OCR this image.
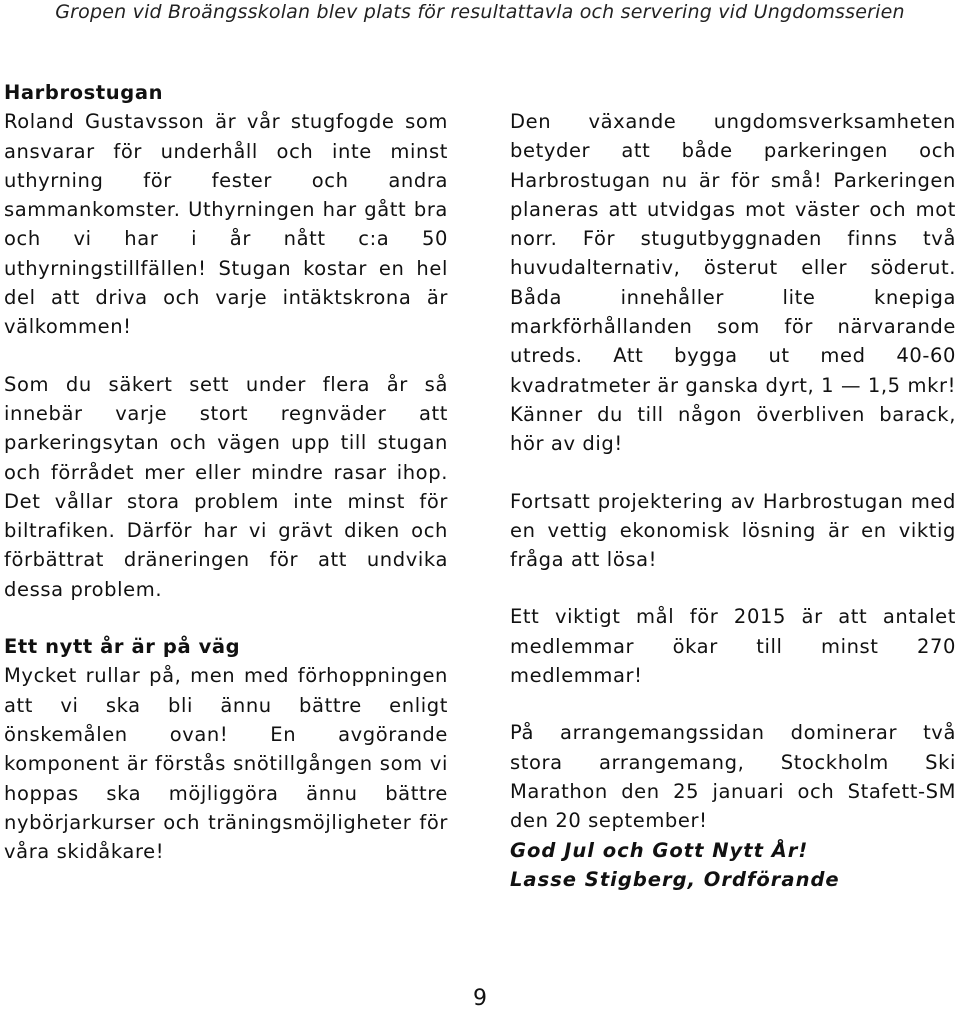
Gropen vid Broängsskolan blev plats för resultattavla och servering vid Ungdomsserien
Harbrostugan

Roland Gustavsson är vår stugfogde som ansvarar för underhåll och inte minst uthyrning för fester och andra sammankomster. Uthyrningen har gått bra och vi har i år nått c:a 50 uthyrningstillfällen! Stugan kostar en hel del att driva och varje intäktskrona är välkommen!

Som du säkert sett under flera år så innebär varje stort regnväder att parkeringsytan och vägen upp till stugan och förrådet mer eller mindre rasar ihop. Det vållar stora problem inte minst för biltrafiken. Därför har vi grävt diken och förbättrat dräneringen för att undvika dessa problem.

Ett nytt år är på väg

Mycket rullar på, men med förhoppningen att vi ska bli ännu bättre enligt önskemålen ovan! En avgörande komponent är förstås snötillgången som vi hoppas ska möjliggöra ännu bättre nybörjarkurser och träningsmöjligheter för våra skidåkare!

Den växande ungdomsverksamheten betyder att både parkeringen och Harbrostugan nu är för små! Parkeringen planeras att utvidgas mot väster och mot norr. För stugutbyggnaden finns två huvudalternativ, österut eller söderut. Båda innehåller lite knepiga markförhållanden som för närvarande utreds. Att bygga ut med 40-60 kvadratmeter är ganska dyrt, 1 — 1,5 mkr! Känner du till någon överbliven barack, hör av dig!

Fortsatt projektering av Harbrostugan med en vettig ekonomisk lösning är en viktig fråga att lösa!

Ett viktigt mål för 2015 är att antalet medlemmar ökar till minst 270 medlemmar!

På arrangemangssidan dominerar två stora arrangemang, Stockholm Ski Marathon den 25 januari och Stafett-SM den 20 september!

God Jul och Gott Nytt År!

Lasse Stigberg, Ordförande

9
